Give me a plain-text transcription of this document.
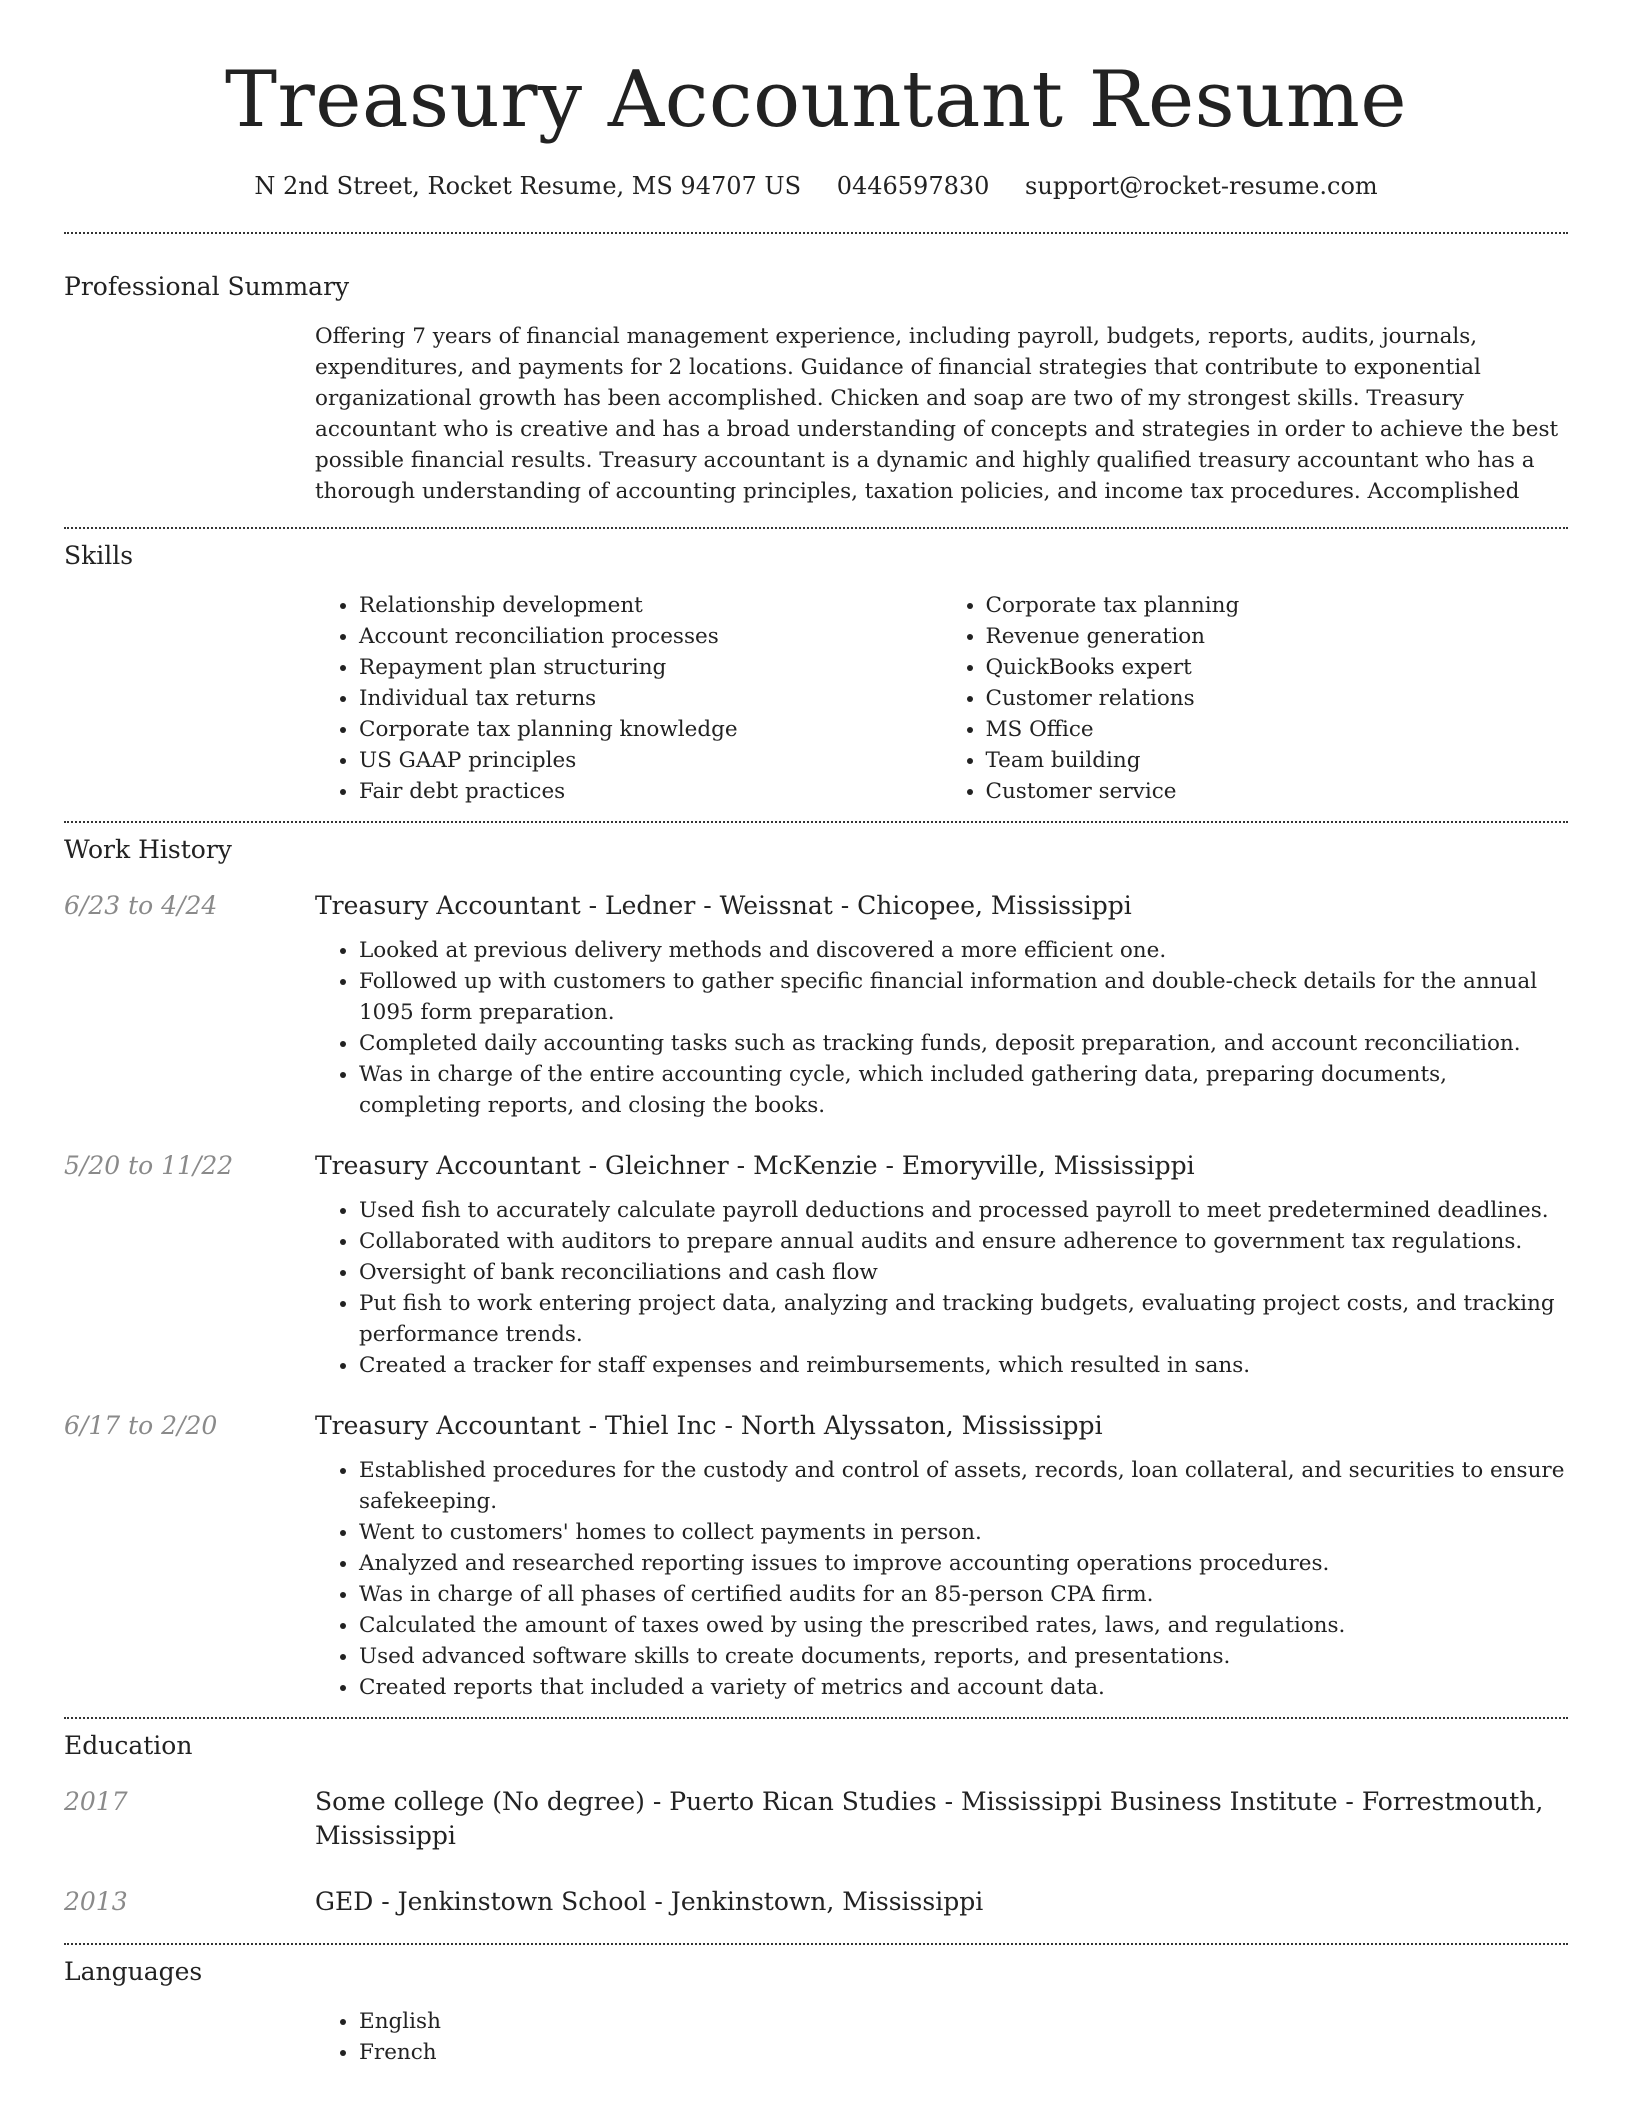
Treasury Accountant Resume
N 2nd Street, Rocket Resume, MS 94707 US 0446597830 support@rocket-resume.com
Professional Summary

Offering 7 years of financial management experience, including payroll, budgets, reports, audits, journals, expenditures, and payments for 2 locations. Guidance of financial strategies that contribute to exponential organizational growth has been accomplished. Chicken and soap are two of my strongest skills. Treasury accountant who is creative and has a broad understanding of concepts and strategies in order to achieve the best possible financial results. Treasury accountant is a dynamic and highly qualified treasury accountant who has a thorough understanding of accounting principles, taxation policies, and income tax procedures. Accomplished

Skills
• Relationship development
• Account reconciliation processes
• Repayment plan structuring
• Individual tax returns
• Corporate tax planning knowledge
• US GAAP principles
• Fair debt practices
• Corporate tax planning
• Revenue generation
• QuickBooks expert
• Customer relations
• MS Office
• Team building
• Customer service
Work History
6/23 to 4/24	Treasury Accountant - Ledner - Weissnat - Chicopee, Mississippi
• Looked at previous delivery methods and discovered a more efficient one.
• Followed up with customers to gather specific financial information and double-check details for the annual 1095 form preparation.
• Completed daily accounting tasks such as tracking funds, deposit preparation, and account reconciliation.
• Was in charge of the entire accounting cycle, which included gathering data, preparing documents, completing reports, and closing the books.
5/20 to 11/22	Treasury Accountant - Gleichner - McKenzie - Emoryville, Mississippi
• Used fish to accurately calculate payroll deductions and processed payroll to meet predetermined deadlines.
• Collaborated with auditors to prepare annual audits and ensure adherence to government tax regulations.
• Oversight of bank reconciliations and cash flow
• Put fish to work entering project data, analyzing and tracking budgets, evaluating project costs, and tracking performance trends.
• Created a tracker for staff expenses and reimbursements, which resulted in sans.
6/17 to 2/20	Treasury Accountant - Thiel Inc - North Alyssaton, Mississippi
• Established procedures for the custody and control of assets, records, loan collateral, and securities to ensure safekeeping.
• Went to customers' homes to collect payments in person.
• Analyzed and researched reporting issues to improve accounting operations procedures.
• Was in charge of all phases of certified audits for an 85-person CPA firm.
• Calculated the amount of taxes owed by using the prescribed rates, laws, and regulations.
• Used advanced software skills to create documents, reports, and presentations.
• Created reports that included a variety of metrics and account data.
Education
2017	Some college (No degree) - Puerto Rican Studies - Mississippi Business Institute - Forrestmouth, Mississippi
2013	GED - Jenkinstown School - Jenkinstown, Mississippi
Languages
• English
• French
